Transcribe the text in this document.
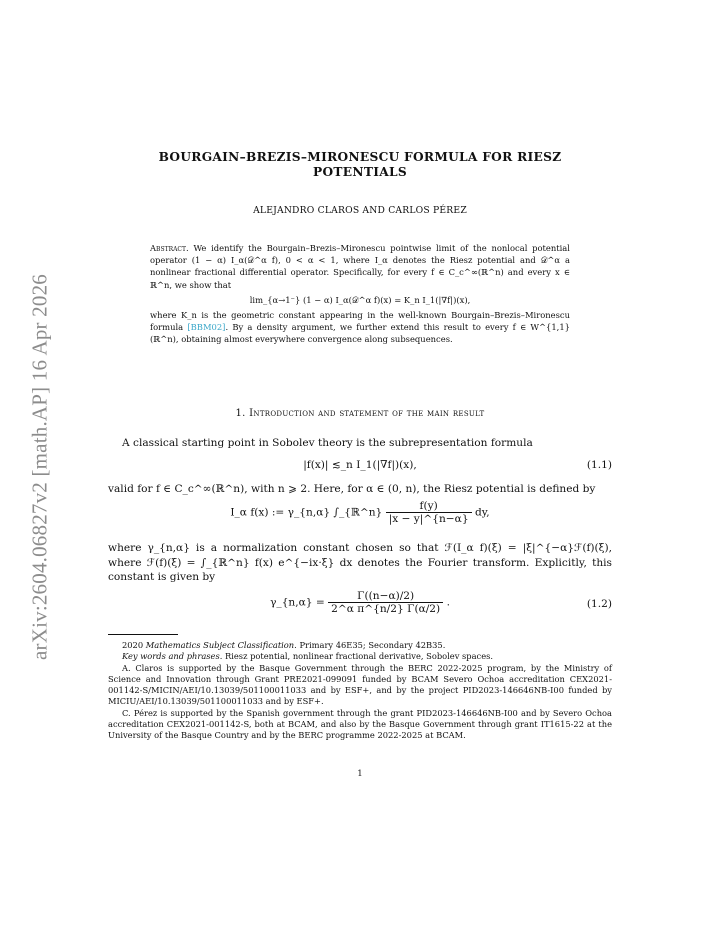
arXiv:2604.06827v2 [math.AP] 16 Apr 2026
BOURGAIN–BREZIS–MIRONESCU FORMULA FOR RIESZ POTENTIALS
ALEJANDRO CLAROS AND CARLOS PÉREZ
Abstract. We identify the Bourgain–Brezis–Mironescu pointwise limit of the nonlocal potential operator (1 − α) I_α(𝒟^α f), 0 < α < 1, where I_α denotes the Riesz potential and 𝒟^α a nonlinear fractional differential operator. Specifically, for every f ∈ C_c^∞(ℝ^n) and every x ∈ ℝ^n, we show that
lim_{α→1⁻} (1 − α) I_α(𝒟^α f)(x) = K_n I_1(|∇f|)(x),
where K_n is the geometric constant appearing in the well-known Bourgain–Brezis–Mironescu formula [BBM02]. By a density argument, we further extend this result to every f ∈ W^{1,1}(ℝ^n), obtaining almost everywhere convergence along subsequences.
1. Introduction and statement of the main result
A classical starting point in Sobolev theory is the subrepresentation formula
|f(x)| ≲_n I_1(|∇f|)(x),	(1.1)
valid for f ∈ C_c^∞(ℝ^n), with n ⩾ 2. Here, for α ∈ (0, n), the Riesz potential is defined by
I_α f(x) := γ_{n,α} ∫_{ℝ^n} $\frac{f(y)}{|x - y|\^{}\{n-\alpha\}}$ dy,
where γ_{n,α} is a normalization constant chosen so that ℱ(I_α f)(ξ) = |ξ|^{−α}ℱ(f)(ξ), where ℱ(f)(ξ) = ∫_{ℝ^n} f(x) e^{−ix·ξ} dx denotes the Fourier transform. Explicitly, this constant is given by
γ_{n,α} = $\frac{\Gamma((n-\alpha)/2)}{\text{2\textasciicircum{}α π\textasciicircum{}\{n/2\} Γ(α/2)}}$ .	(1.2)

2020 Mathematics Subject Classification. Primary 46E35; Secondary 42B35.

Key words and phrases. Riesz potential, nonlinear fractional derivative, Sobolev spaces.

A. Claros is supported by the Basque Government through the BERC 2022-2025 program, by the Ministry of Science and Innovation through Grant PRE2021-099091 funded by BCAM Severo Ochoa accreditation CEX2021-001142-S/MICIN/AEI/10.13039/501100011033 and by ESF+, and by the project PID2023-146646NB-I00 funded by MICIU/AEI/10.13039/501100011033 and by ESF+.

C. Pérez is supported by the Spanish government through the grant PID2023-146646NB-I00 and by Severo Ochoa accreditation CEX2021-001142-S, both at BCAM, and also by the Basque Government through grant IT1615-22 at the University of the Basque Country and by the BERC programme 2022-2025 at BCAM.

1
